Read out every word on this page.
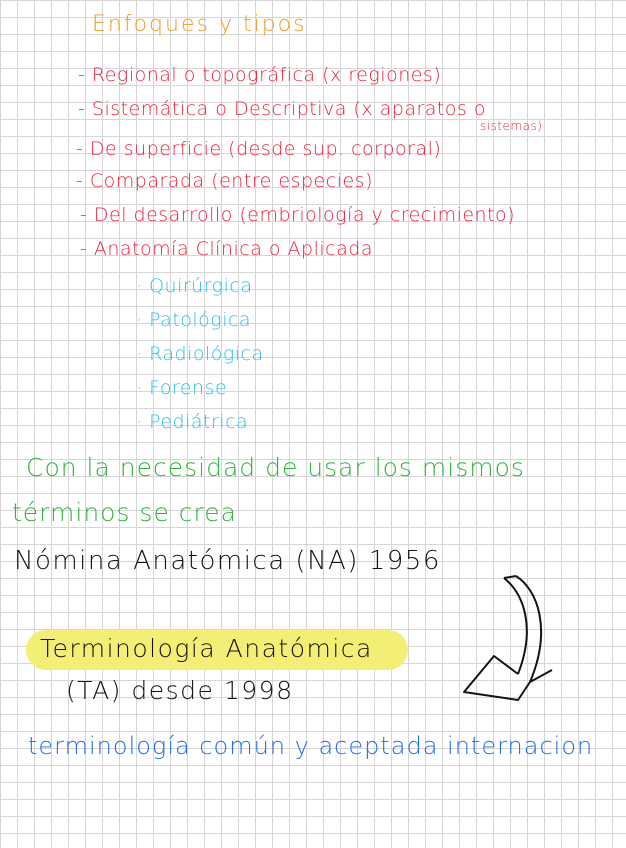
Enfoques y tipos

- Regional o topográfica (x regiones)

- Sistemática o Descriptiva (x aparatos o

sistemas)

- De superficie (desde sup. corporal)

- Comparada (entre especies)

- Del desarrollo (embriología y crecimiento)

- Anatomía Clínica o Aplicada

· Quirúrgica

· Patológica

· Radiológica

· Forense

· Pediátrica

Con la necesidad de usar los mismos

términos se crea

Nómina Anatómica (NA) 1956

Terminología Anatómica

(TA) desde 1998

terminología común y aceptada internacion
